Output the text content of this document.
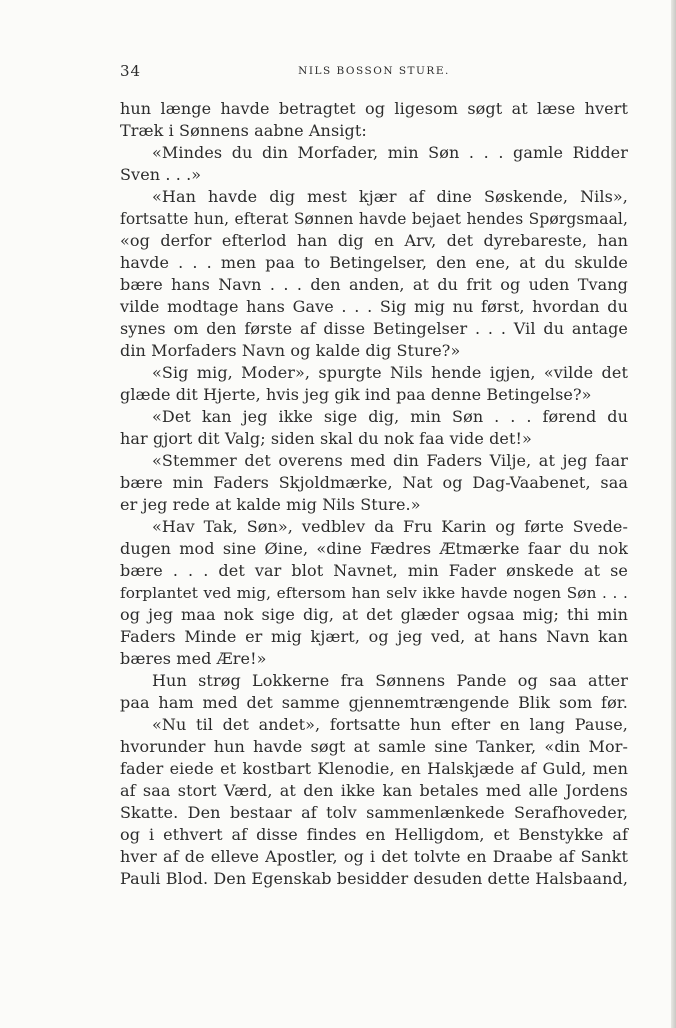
34	NILS BOSSON STURE.
hun længe havde betragtet og ligesom søgt at læse hvert
Træk i Sønnens aabne Ansigt:
«Mindes du din Morfader, min Søn . . . gamle Ridder
Sven . . .»
«Han havde dig mest kjær af dine Søskende, Nils»,
fortsatte hun, efterat Sønnen havde bejaet hendes Spørgsmaal,
«og derfor efterlod han dig en Arv, det dyrebareste, han
havde . . . men paa to Betingelser, den ene, at du skulde
bære hans Navn . . . den anden, at du frit og uden Tvang
vilde modtage hans Gave . . . Sig mig nu først, hvordan du
synes om den første af disse Betingelser . . . Vil du antage
din Morfaders Navn og kalde dig Sture?»
«Sig mig, Moder», spurgte Nils hende igjen, «vilde det
glæde dit Hjerte, hvis jeg gik ind paa denne Betingelse?»
«Det kan jeg ikke sige dig, min Søn . . . førend du
har gjort dit Valg; siden skal du nok faa vide det!»
«Stemmer det overens med din Faders Vilje, at jeg faar
bære min Faders Skjoldmærke, Nat og Dag-Vaabenet, saa
er jeg rede at kalde mig Nils Sture.»
«Hav Tak, Søn», vedblev da Fru Karin og førte Svede-
dugen mod sine Øine, «dine Fædres Ætmærke faar du nok
bære . . . det var blot Navnet, min Fader ønskede at se
forplantet ved mig, eftersom han selv ikke havde nogen Søn . . .
og jeg maa nok sige dig, at det glæder ogsaa mig; thi min
Faders Minde er mig kjært, og jeg ved, at hans Navn kan
bæres med Ære!»
Hun strøg Lokkerne fra Sønnens Pande og saa atter
paa ham med det samme gjennemtrængende Blik som før.
«Nu til det andet», fortsatte hun efter en lang Pause,
hvorunder hun havde søgt at samle sine Tanker, «din Mor-
fader eiede et kostbart Klenodie, en Halskjæde af Guld, men
af saa stort Værd, at den ikke kan betales med alle Jordens
Skatte. Den bestaar af tolv sammenlænkede Serafhoveder,
og i ethvert af disse findes en Helligdom, et Benstykke af
hver af de elleve Apostler, og i det tolvte en Draabe af Sankt
Pauli Blod. Den Egenskab besidder desuden dette Halsbaand,
